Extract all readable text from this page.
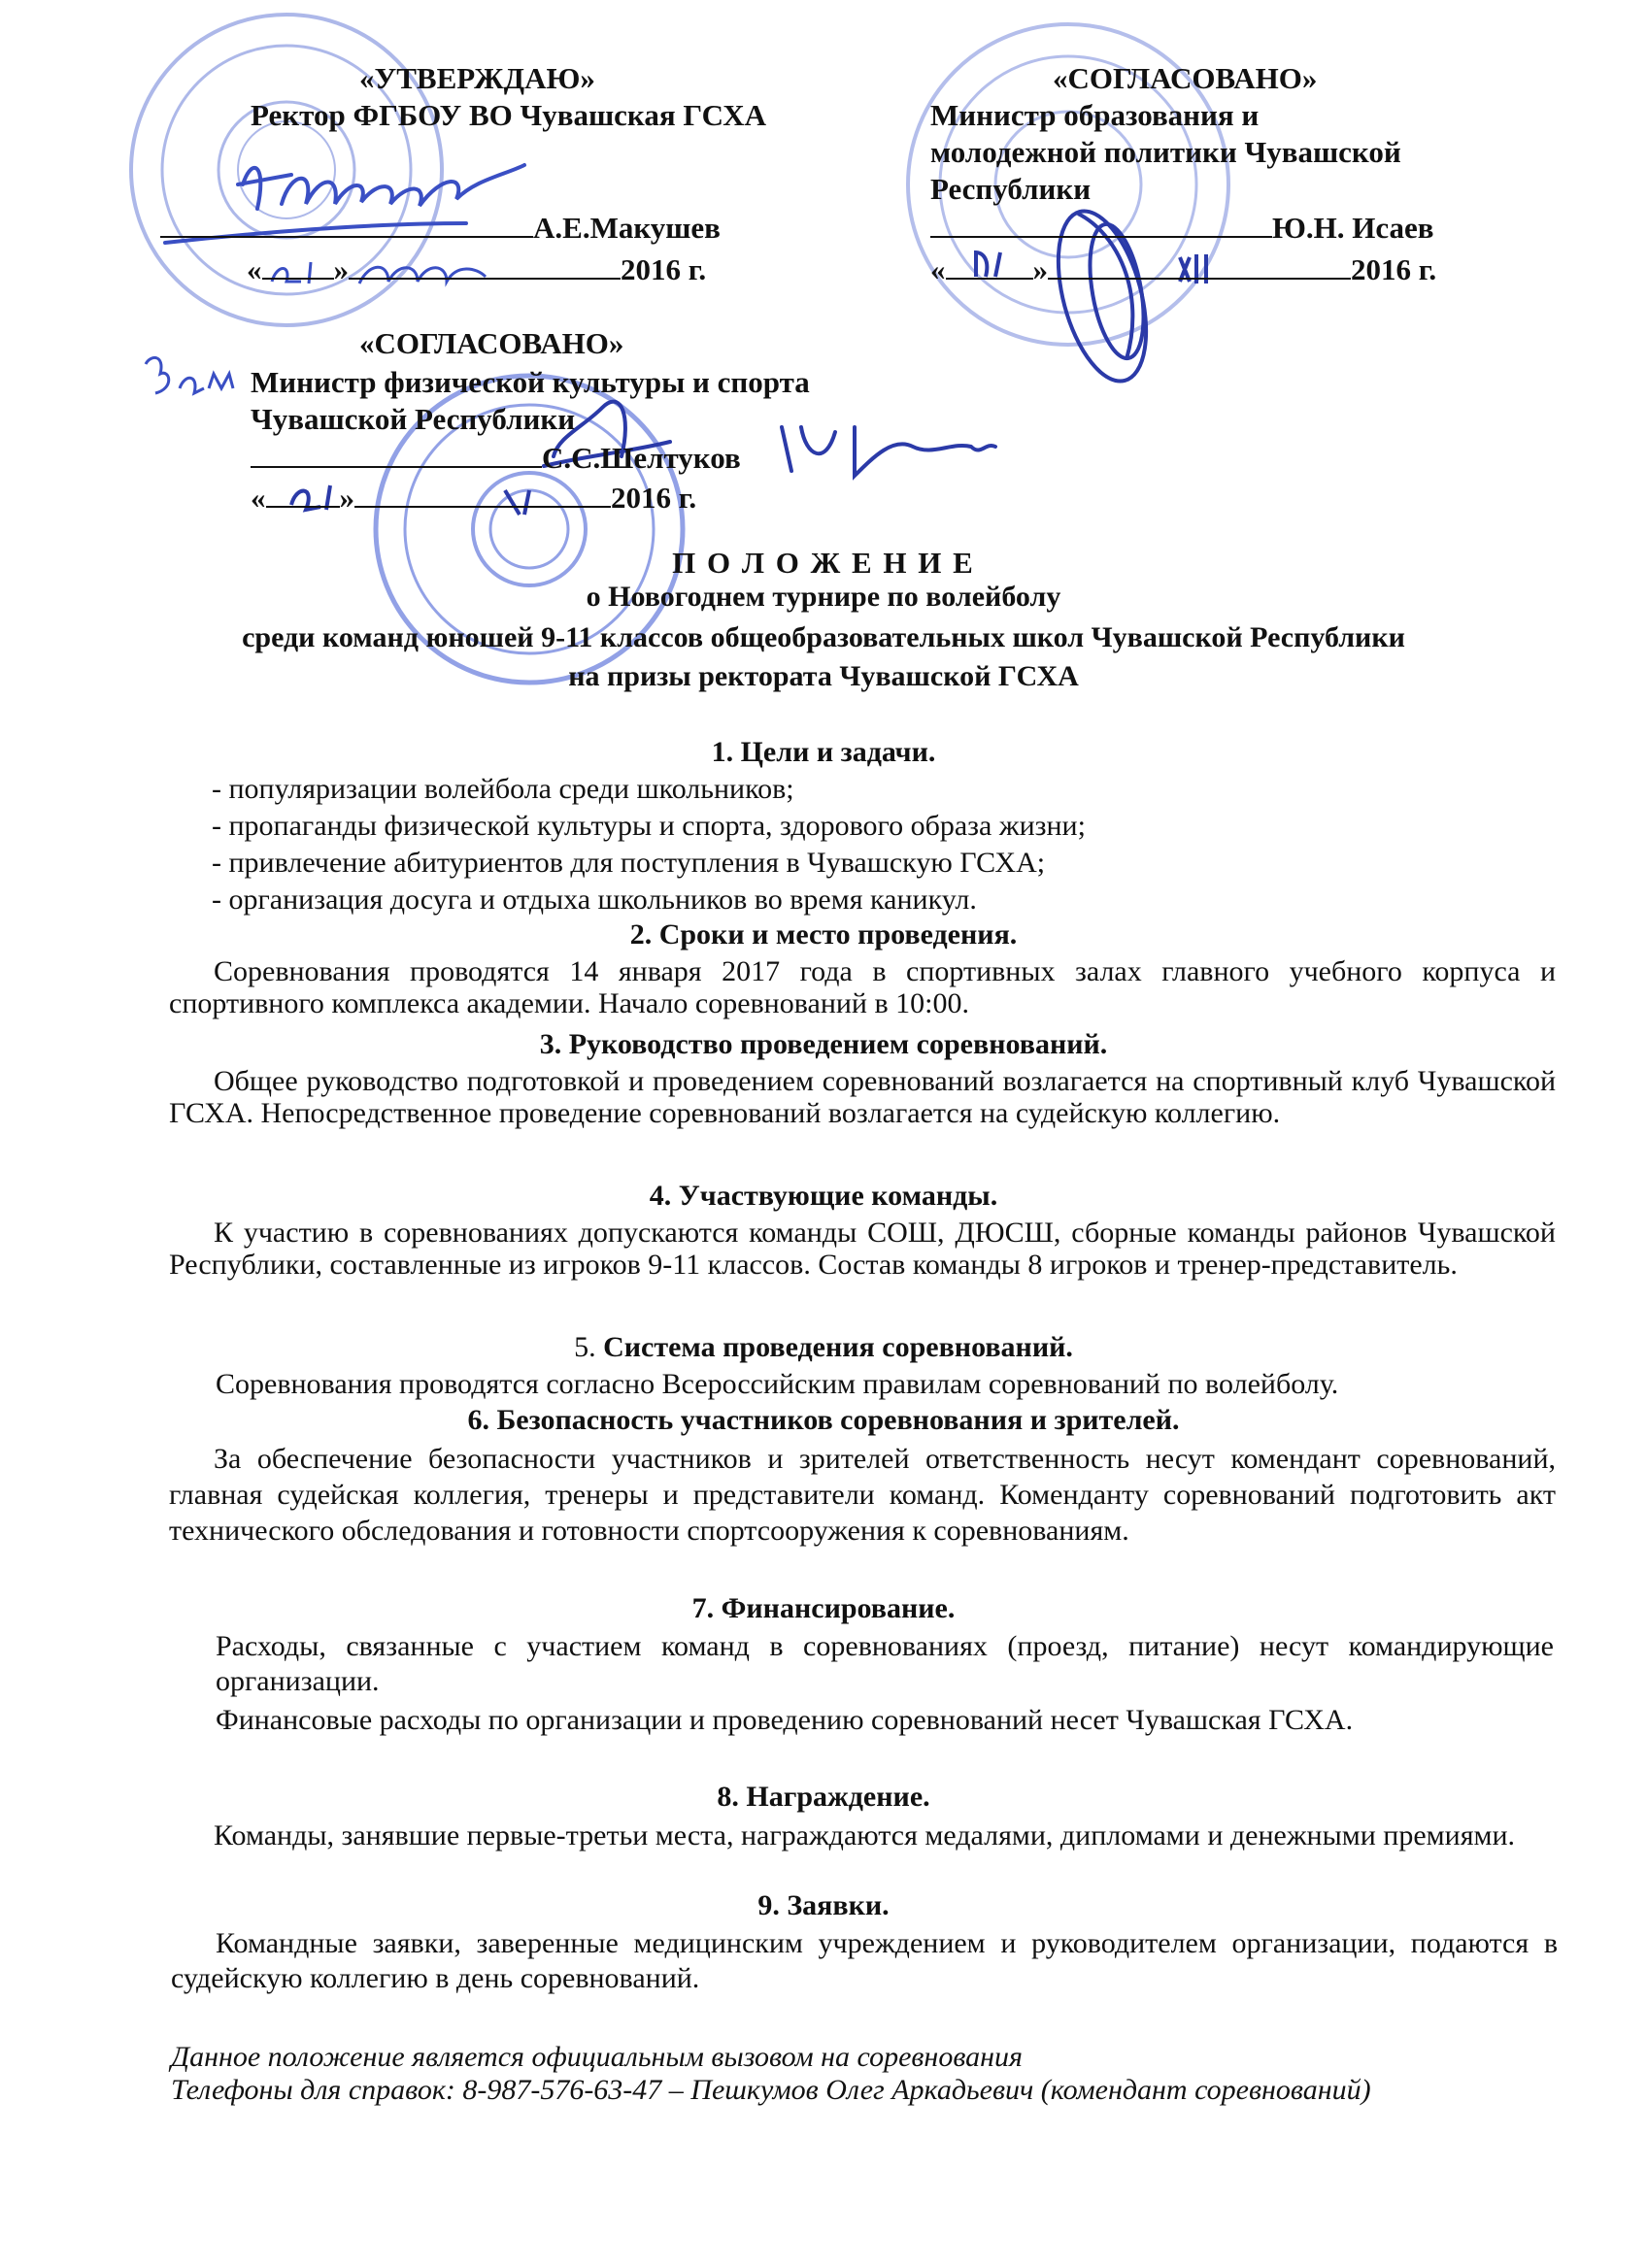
«УТВЕРЖДАЮ»
Ректор ФГБОУ ВО Чувашская ГСХА
А.Е.Макушев
« »	2016 г.
«СОГЛАСОВАНО»
Министр образования и
молодежной политики Чувашской
Республики
Ю.Н. Исаев
«	»	2016 г.
«СОГЛАСОВАНО»
Министр физической культуры и спорта
Чувашской Республики
С.С.Шелтуков
« »	2016 г.
П О Л О Ж Е Н И Е
о Новогоднем турнире по волейболу
среди команд юношей 9-11 классов общеобразовательных школ Чувашской Республики
на призы ректората Чувашской ГСХА
1. Цели и задачи.
- популяризации волейбола среди школьников;
- пропаганды физической культуры и спорта, здорового образа жизни;
- привлечение абитуриентов для поступления в Чувашскую ГСХА;
- организация досуга и отдыха школьников во время каникул.
2. Сроки и место проведения.
Соревнования проводятся 14 января 2017 года в спортивных залах главного учебного корпуса и спортивного комплекса академии. Начало соревнований в 10:00.
3. Руководство проведением соревнований.
Общее руководство подготовкой и проведением соревнований возлагается на спортивный клуб Чувашской ГСХА. Непосредственное проведение соревнований возлагается на судейскую коллегию.
4. Участвующие команды.
К участию в соревнованиях допускаются команды СОШ, ДЮСШ, сборные команды районов Чувашской Республики, составленные из игроков 9-11 классов. Состав команды 8 игроков и тренер-представитель.
5. Система проведения соревнований.
Соревнования проводятся согласно Всероссийским правилам соревнований по волейболу.
6. Безопасность участников соревнования и зрителей.
За обеспечение безопасности участников и зрителей ответственность несут комендант соревнований, главная судейская коллегия, тренеры и представители команд. Коменданту соревнований подготовить акт технического обследования и готовности спортсооружения к соревнованиям.
7. Финансирование.
Расходы, связанные с участием команд в соревнованиях (проезд, питание) несут командирующие организации.
Финансовые расходы по организации и проведению соревнований несет Чувашская ГСХА.
8. Награждение.
Команды, занявшие первые-третьи места, награждаются медалями, дипломами и денежными премиями.
9. Заявки.
Командные заявки, заверенные медицинским учреждением и руководителем организации, подаются в судейскую коллегию в день соревнований.
Данное положение является официальным вызовом на соревнования
Телефоны для справок: 8-987-576-63-47 – Пешкумов Олег Аркадьевич (комендант соревнований)
